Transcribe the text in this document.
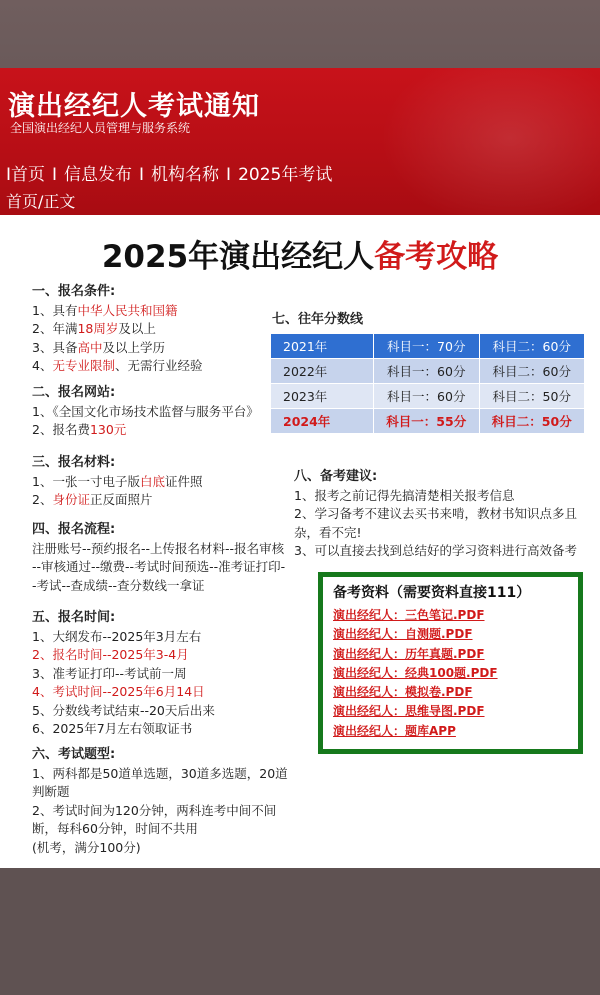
演出经纪人考试通知
全国演出经纪人员管理与服务系统
I首页 I 信息发布 I 机构名称 I 2025年考试
首页/正文
2025年演出经纪人备考攻略
一、报名条件:

1、具有中华人民共和国籍

2、年满18周岁及以上

3、具备高中及以上学历

4、无专业限制、无需行业经验

二、报名网站:

1、《全国文化市场技术监督与服务平台》

2、报名费130元

三、报名材料:

1、一张一寸电子版白底证件照

2、身份证正反面照片

四、报名流程:

注册账号--预约报名--上传报名材料--报名审核

--审核通过--缴费--考试时间预选--准考证打印-

-考试--查成绩--查分数线一拿证

五、报名时间:

1、大纲发布--2025年3月左右

2、报名时间--2025年3-4月

3、准考证打印--考试前一周

4、考试时间--2025年6月14日

5、分数线考试结束--20天后出来

6、2025年7月左右领取证书

六、考试题型:

1、两科都是50道单选题，30道多选题，20道

判断题

2、考试时间为120分钟，两科连考中间不间

断，每科60分钟，时间不共用

(机考，满分100分)

七、往年分数线
2021年	科目一：70分	科目二：60分
2022年	科目一：60分	科目二：60分
2023年	科目一：60分	科目二：50分
2024年	科目一：55分	科目二：50分
八、备考建议:

1、报考之前记得先搞清楚相关报考信息

2、学习备考不建议去买书来啃，教材书知识点多且

杂，看不完!

3、可以直接去找到总结好的学习资料进行高效备考

备考资料（需要资料直接111）
演出经纪人：三色笔记.PDF
演出经纪人：自测题.PDF
演出经纪人：历年真题.PDF
演出经纪人：经典100题.PDF
演出经纪人：模拟卷.PDF
演出经纪人：思维导图.PDF
演出经纪人：题库APP
